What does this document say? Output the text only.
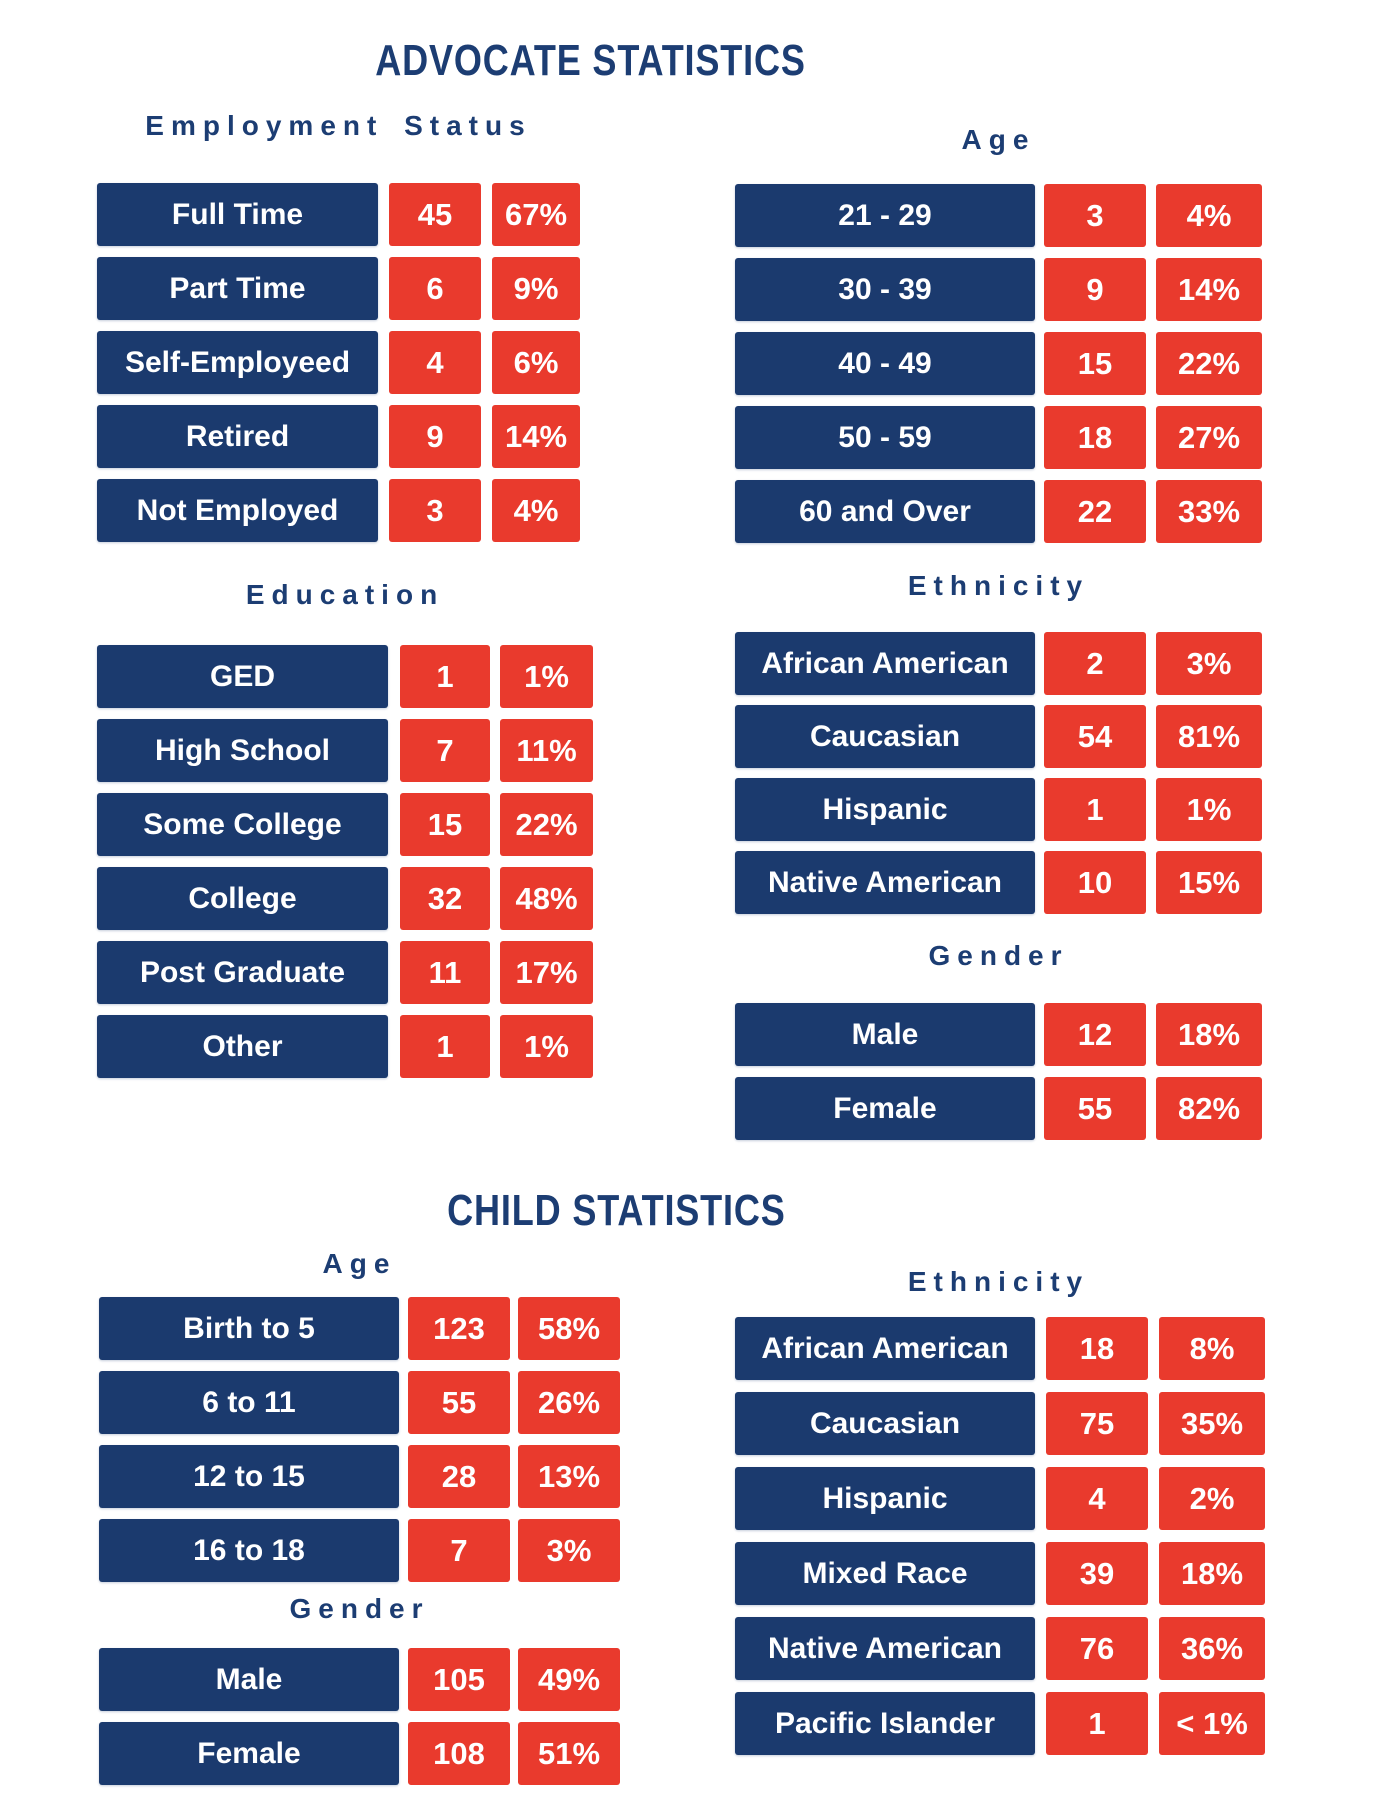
ADVOCATE STATISTICS
Employment Status
Full Time	45	67%
Part Time	6	9%
Self-Employeed	4	6%
Retired	9	14%
Not Employed	3	4%
Age
21 - 29	3	4%
30 - 39	9	14%
40 - 49	15	22%
50 - 59	18	27%
60 and Over	22	33%
Education
GED	1	1%
High School	7	11%
Some College	15	22%
College	32	48%
Post Graduate	11	17%
Other	1	1%
Ethnicity
African American	2	3%
Caucasian	54	81%
Hispanic	1	1%
Native American	10	15%
Gender
Male	12	18%
Female	55	82%
CHILD STATISTICS
Age
Birth to 5	123	58%
6 to 11	55	26%
12 to 15	28	13%
16 to 18	7	3%
Gender
Male	105	49%
Female	108	51%
Ethnicity
African American	18	8%
Caucasian	75	35%
Hispanic	4	2%
Mixed Race	39	18%
Native American	76	36%
Pacific Islander	1	< 1%
